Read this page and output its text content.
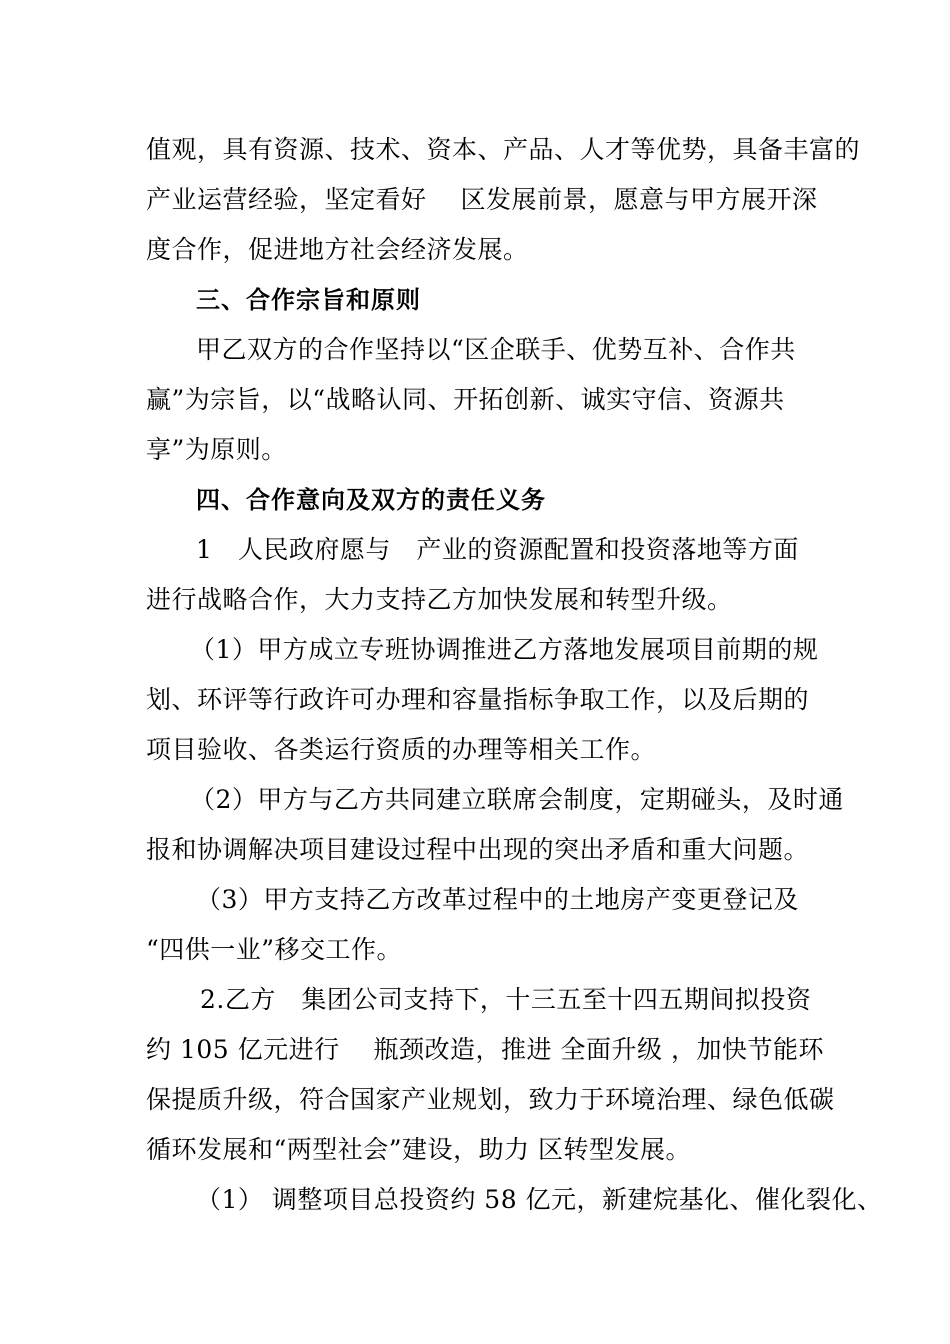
值观，具有资源、技术、资本、产品、人才等优势，具备丰富的
产业运营经验，坚定看好　 区发展前景，愿意与甲方展开深
度合作，促进地方社会经济发展。
三、合作宗旨和原则
甲乙双方的合作坚持以“区企联手、优势互补、合作共
赢”为宗旨，以“战略认同、开拓创新、诚实守信、资源共
享”为原则。
四、合作意向及双方的责任义务
1　人民政府愿与　产业的资源配置和投资落地等方面
进行战略合作，大力支持乙方加快发展和转型升级。
（1）甲方成立专班协调推进乙方落地发展项目前期的规
划、环评等行政许可办理和容量指标争取工作，以及后期的
项目验收、各类运行资质的办理等相关工作。
（2）甲方与乙方共同建立联席会制度，定期碰头，及时通
报和协调解决项目建设过程中出现的突出矛盾和重大问题。
（3）甲方支持乙方改革过程中的土地房产变更登记及
“四供一业”移交工作。
2.乙方　集团公司支持下，十三五至十四五期间拟投资
约 105 亿元进行　 瓶颈改造，推进 全面升级 ，加快节能环
保提质升级，符合国家产业规划，致力于环境治理、绿色低碳
循环发展和“两型社会”建设，助力 区转型发展。
（1） 调整项目总投资约 58 亿元，新建烷基化、催化裂化、
